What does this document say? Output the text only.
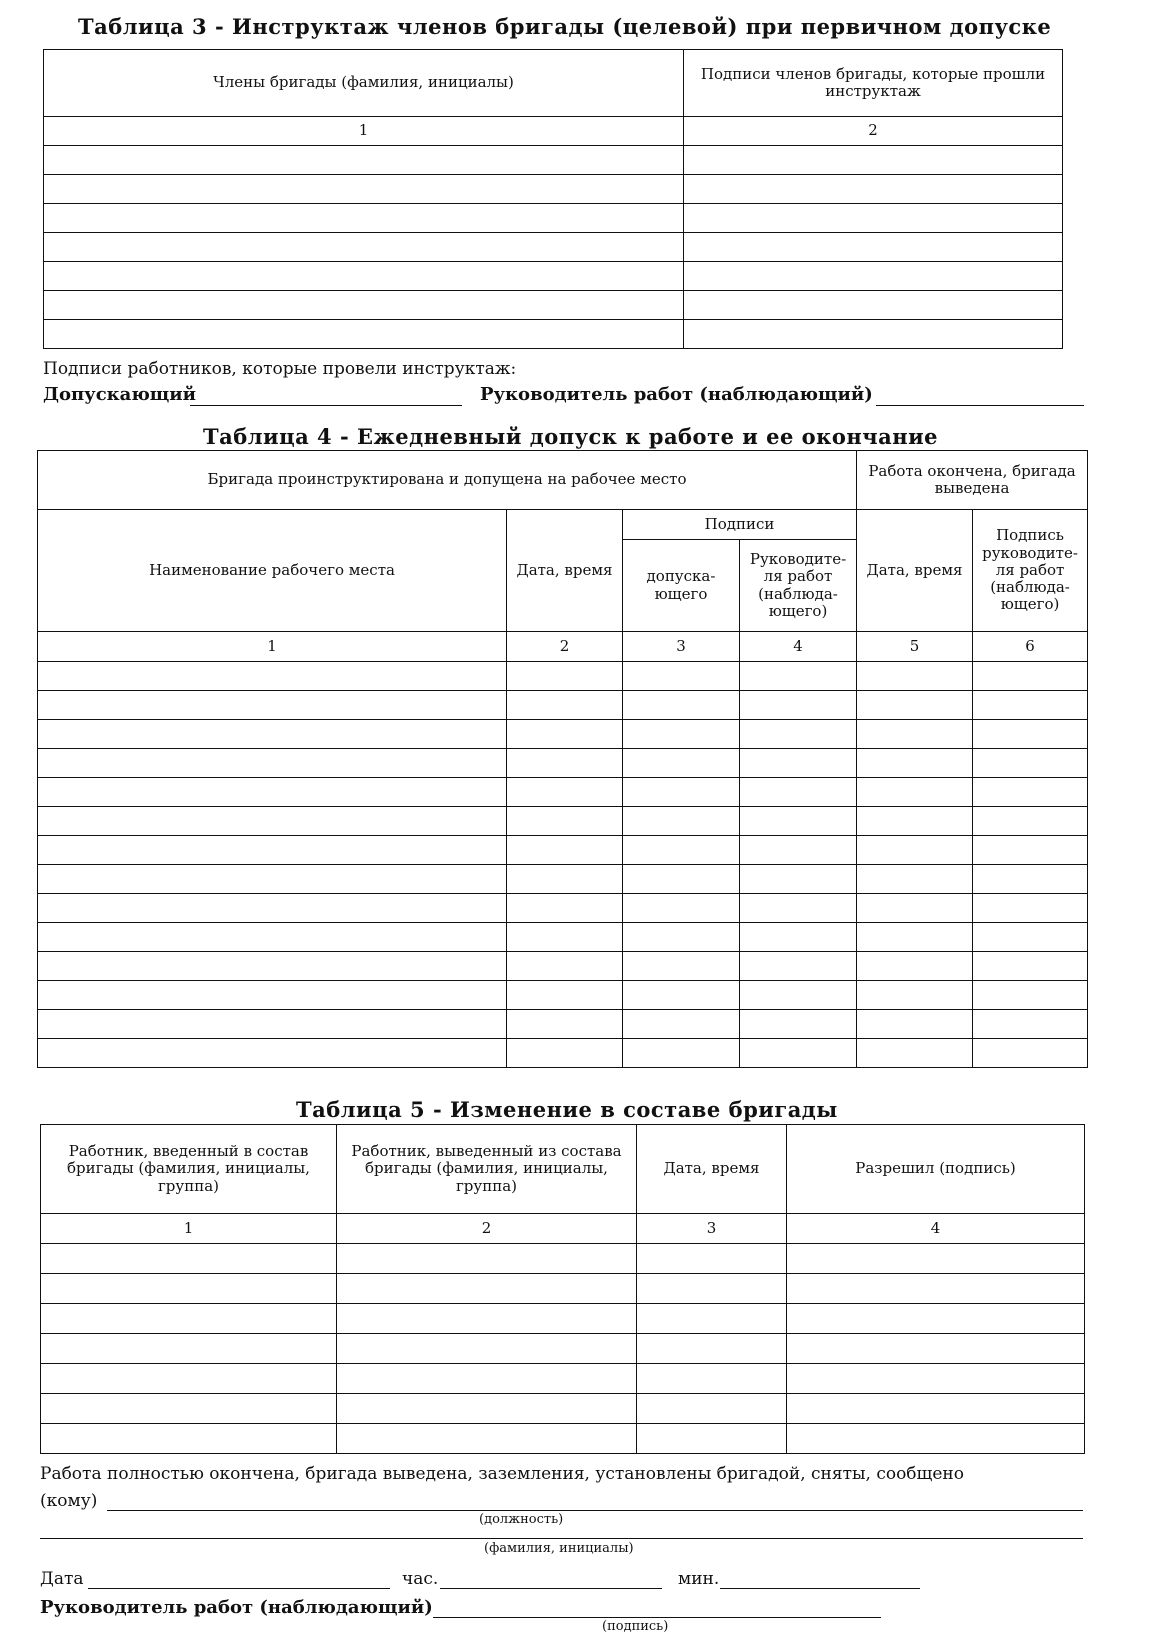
Таблица 3 - Инструктаж членов бригады (целевой) при первичном допуске
Члены бригады (фамилия, инициалы)	Подписи членов бригады, которые прошли инструктаж
1	2

Подписи работников, которые провели инструктаж:
Допускающий	Руководитель работ (наблюдающий)
Таблица 4 - Ежедневный допуск к работе и ее окончание
Бригада проинструктирована и допущена на рабочее место				Работа окончена, бригада выведена	
Наименование рабочего места	Дата, время	Подписи		Дата, время	Подпись руководите-ля работ (наблюда-ющего)
		допуска-ющего	Руководите-ля работ (наблюда-ющего)		
1	2	3	4	5	6

Таблица 5 - Изменение в составе бригады
Работник, введенный в состав бригады (фамилия, инициалы, группа)	Работник, выведенный из состава бригады (фамилия, инициалы, группа)	Дата, время	Разрешил (подпись)
1	2	3	4

Работа полностью окончена, бригада выведена, заземления, установлены бригадой, сняты, сообщено
(кому)
(должность)
(фамилия, инициалы)
Дата	час.	мин.
Руководитель работ (наблюдающий)
(подпись)
